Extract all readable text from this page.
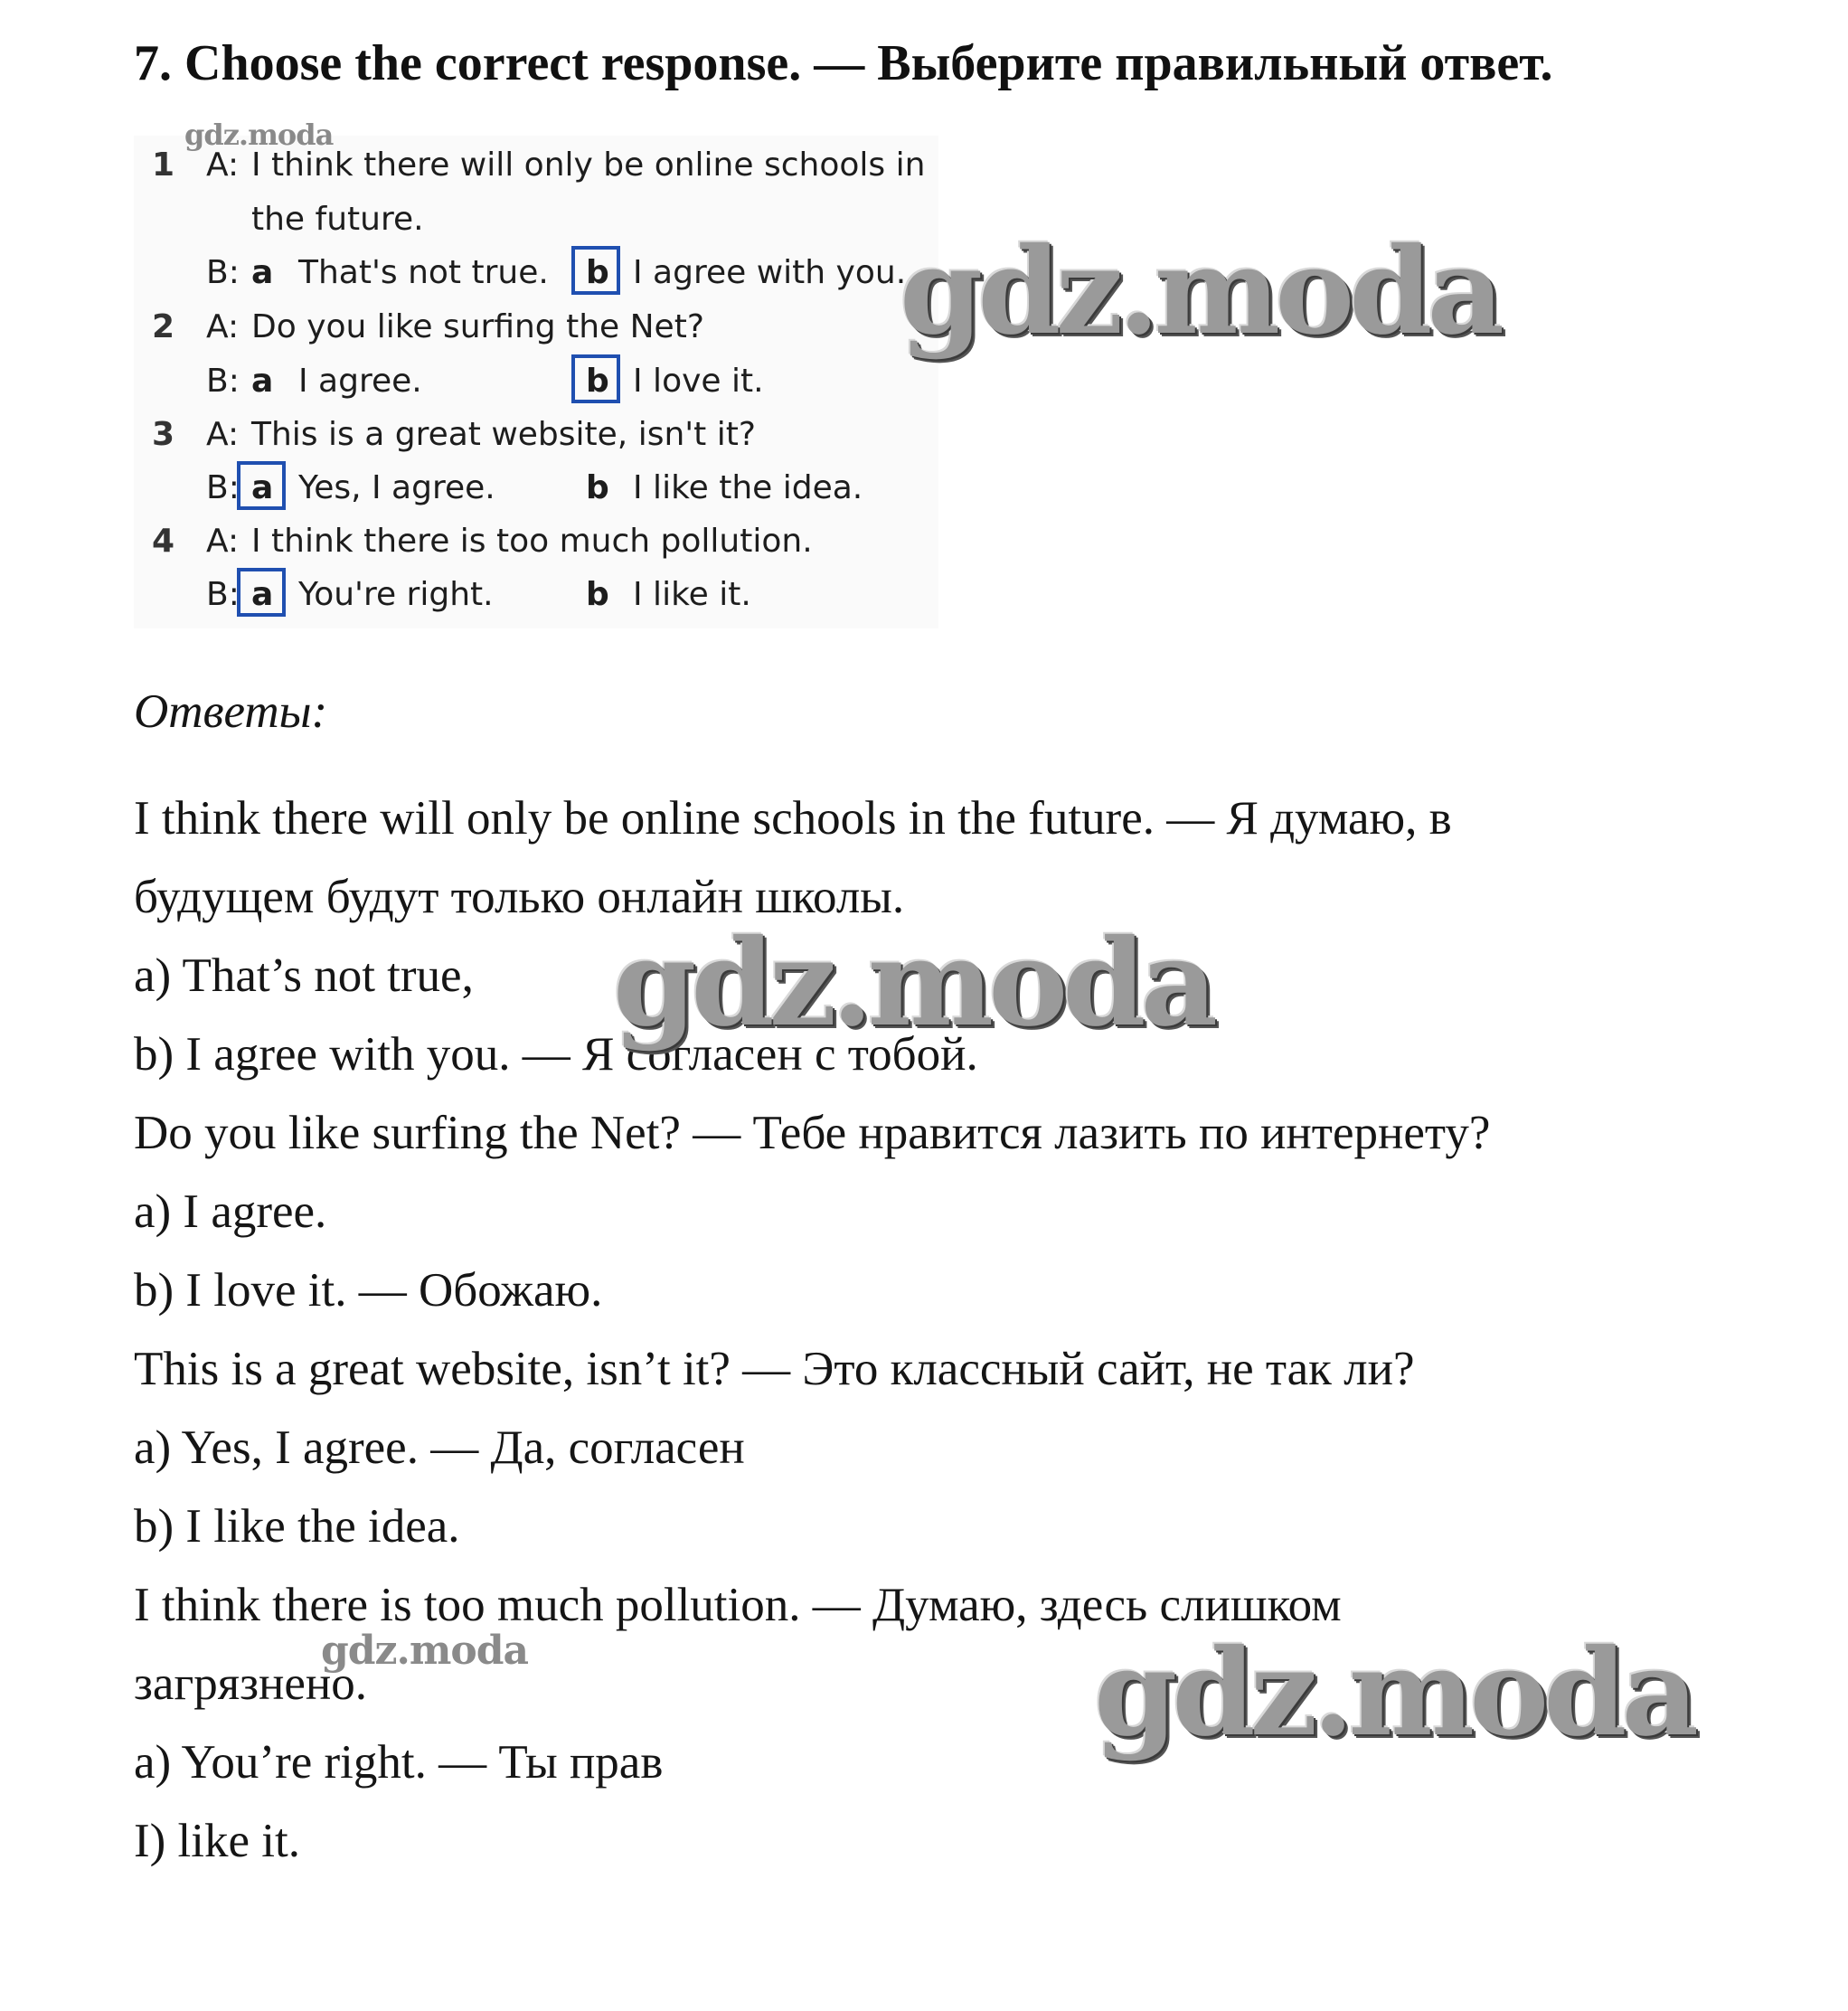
7. Choose the correct response. — Выберите правильный ответ.
gdz.moda
1 A: I think there will only be online schools in
the future.
B: a That's not true. b I agree with you.
2 A: Do you like surfing the Net?
B: a I agree.	b I love it.
3 A: This is a great website, isn't it?
B: a Yes, I agree.	b I like the idea.
4 A: I think there is too much pollution.
B: a You're right.	b I like it.
gdz.moda
Ответы:
I think there will only be online schools in the future. — Я думаю, в
будущем будут только онлайн школы.
a) That’s not true,
b) I agree with you. — Я согласен с тобой.
Do you like surfing the Net? — Тебе нравится лазить по интернету?
a) I agree.
b) I love it. — Обожаю.
This is a great website, isn’t it? — Это классный сайт, не так ли?
a) Yes, I agree. — Да, согласен
b) I like the idea.
I think there is too much pollution. — Думаю, здесь слишком
загрязнено.
a) You’re right. — Ты прав
I) like it.
gdz.moda
gdz.moda	gdz.moda
